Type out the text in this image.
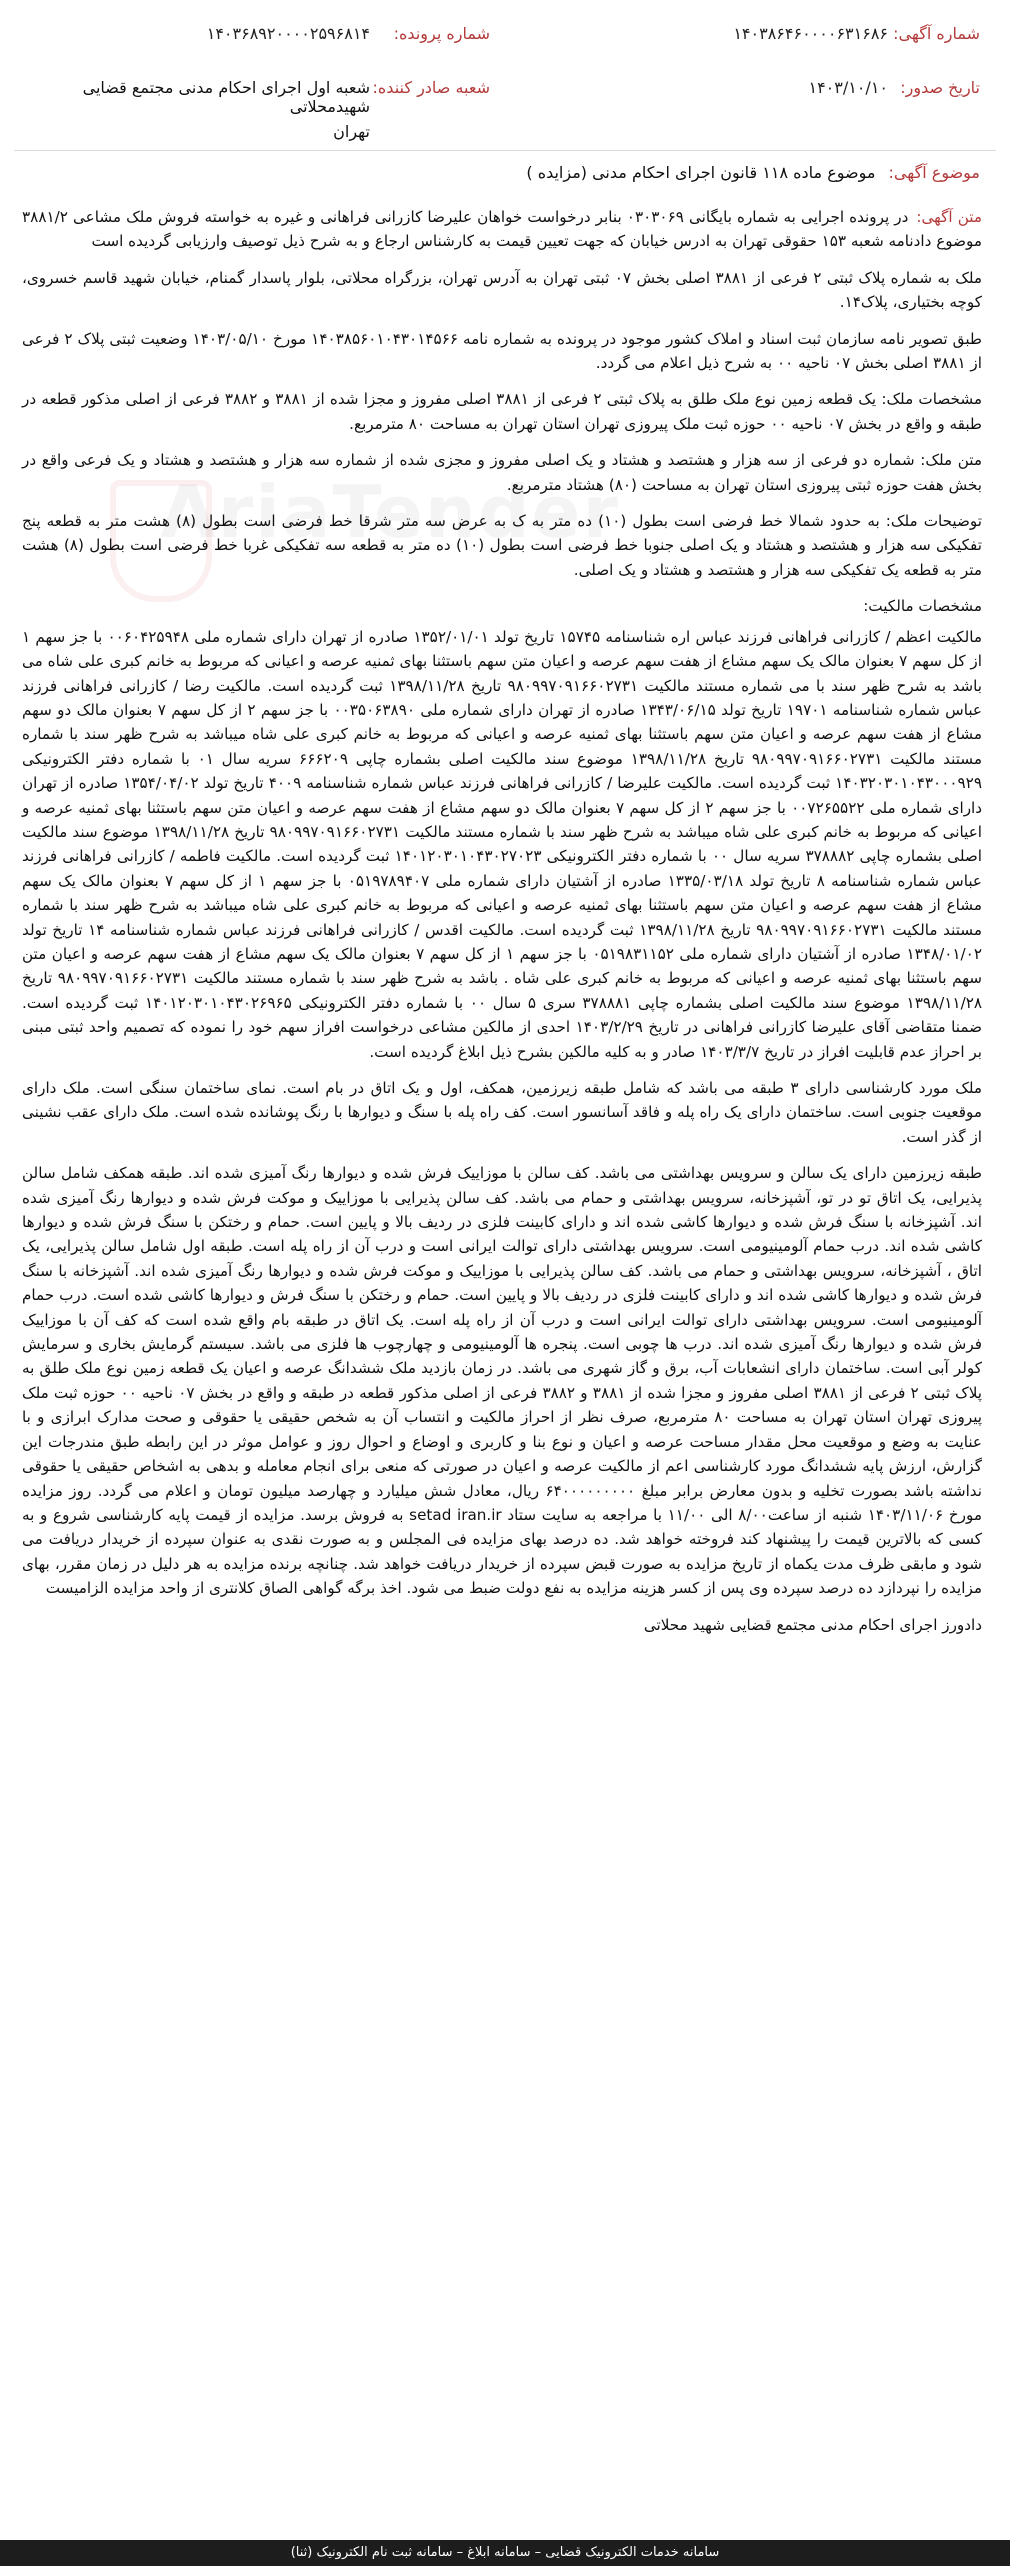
شماره آگهی:
۱۴۰۳۸۶۴۶۰۰۰۰۶۳۱۶۸۶
شماره پرونده:
۱۴۰۳۶۸۹۲۰۰۰۰۲۵۹۶۸۱۴
تاریخ صدور:
۱۴۰۳/۱۰/۱۰
شعبه صادر کننده:
شعبه اول اجرای احکام مدنی مجتمع قضایی شهیدمحلاتی
تهران
موضوع آگهی: موضوع ماده ۱۱۸ قانون اجرای احکام مدنی (مزایده )

متن آگهی:در پرونده اجرایی به شماره بایگانی ۰۳۰۳۰۶۹ بنابر درخواست خواهان علیرضا کازرانی فراهانی و غیره به خواسته فروش ملک مشاعی ۳۸۸۱/۲ موضوع دادنامه شعبه ۱۵۳ حقوقی تهران به ادرس خیابان که جهت تعیین قیمت به کارشناس ارجاع و به شرح ذیل توصیف وارزیابی گردیده است

ملک به شماره پلاک ثبتی ۲ فرعی از ۳۸۸۱ اصلی بخش ۰۷ ثبتی تهران به آدرس تهران، بزرگراه محلاتی، بلوار پاسدار گمنام، خیابان شهید قاسم خسروی، کوچه بختیاری، پلاک۱۴.

طبق تصویر نامه سازمان ثبت اسناد و املاک کشور موجود در پرونده به شماره نامه ۱۴۰۳۸۵۶۰۱۰۴۳۰۱۴۵۶۶ مورخ ۱۴۰۳/۰۵/۱۰ وضعیت ثبتی پلاک ۲ فرعی از ۳۸۸۱ اصلی بخش ۰۷ ناحیه ۰۰ به شرح ذیل اعلام می گردد.

مشخصات ملک: یک قطعه زمین نوع ملک طلق به پلاک ثبتی ۲ فرعی از ۳۸۸۱ اصلی مفروز و مجزا شده از ۳۸۸۱ و ۳۸۸۲ فرعی از اصلی مذکور قطعه در طبقه و واقع در بخش ۰۷ ناحیه ۰۰ حوزه ثبت ملک پیروزی تهران استان تهران به مساحت ۸۰ مترمربع.

متن ملک: شماره دو فرعی از سه هزار و هشتصد و هشتاد و یک اصلی مفروز و مجزی شده از شماره سه هزار و هشتصد و هشتاد و یک فرعی واقع در بخش هفت حوزه ثبتی پیروزی استان تهران به مساحت (۸۰) هشتاد مترمربع.

توضیحات ملک: به حدود شمالا خط فرضی است بطول (۱۰) ده متر به ک به عرض سه متر شرقا خط فرضی است بطول (۸) هشت متر به قطعه پنج تفکیکی سه هزار و هشتصد و هشتاد و یک اصلی جنوبا خط فرضی است بطول (۱۰) ده متر به قطعه سه تفکیکی غربا خط فرضی است بطول (۸) هشت متر به قطعه یک تفکیکی سه هزار و هشتصد و هشتاد و یک اصلی.

مشخصات مالکیت:

مالکیت اعظم / کازرانی فراهانی فرزند عباس اره شناسنامه ۱۵۷۴۵ تاریخ تولد ۱۳۵۲/۰۱/۰۱ صادره از تهران دارای شماره ملی ۰۰۶۰۴۲۵۹۴۸ با جز سهم ۱ از کل سهم ۷ بعنوان مالک یک سهم مشاع از هفت سهم عرصه و اعیان متن سهم باستثنا بهای ثمنیه عرصه و اعیانی که مربوط به خانم کبری علی شاه می باشد به شرح ظهر سند با می شماره مستند مالکیت ۹۸۰۹۹۷۰۹۱۶۶۰۲۷۳۱ تاریخ ۱۳۹۸/۱۱/۲۸ ثبت گردیده است. مالکیت رضا / کازرانی فراهانی فرزند عباس شماره شناسنامه ۱۹۷۰۱ تاریخ تولد ۱۳۴۳/۰۶/۱۵ صادره از تهران دارای شماره ملی ۰۰۳۵۰۶۳۸۹۰ با جز سهم ۲ از کل سهم ۷ بعنوان مالک دو سهم مشاع از هفت سهم عرصه و اعیان متن سهم باستثنا بهای ثمنیه عرصه و اعیانی که مربوط به خانم کبری علی شاه میباشد به شرح ظهر سند با شماره مستند مالکیت ۹۸۰۹۹۷۰۹۱۶۶۰۲۷۳۱ تاریخ ۱۳۹۸/۱۱/۲۸ موضوع سند مالکیت اصلی بشماره چاپی ۶۶۶۲۰۹ سریه سال ۰۱ با شماره دفتر الکترونیکی ۱۴۰۳۲۰۳۰۱۰۴۳۰۰۰۹۲۹ ثبت گردیده است. مالکیت علیرضا / کازرانی فراهانی فرزند عباس شماره شناسنامه ۴۰۰۹ تاریخ تولد ۱۳۵۴/۰۴/۰۲ صادره از تهران دارای شماره ملی ۰۰۷۲۶۵۵۲۲ با جز سهم ۲ از کل سهم ۷ بعنوان مالک دو سهم مشاع از هفت سهم عرصه و اعیان متن سهم باستثنا بهای ثمنیه عرصه و اعیانی که مربوط به خانم کبری علی شاه میباشد به شرح ظهر سند با شماره مستند مالکیت ۹۸۰۹۹۷۰۹۱۶۶۰۲۷۳۱ تاریخ ۱۳۹۸/۱۱/۲۸ موضوع سند مالکیت اصلی بشماره چاپی ۳۷۸۸۸۲ سریه سال ۰۰ با شماره دفتر الکترونیکی ۱۴۰۱۲۰۳۰۱۰۴۳۰۲۷۰۲۳ ثبت گردیده است. مالکیت فاطمه / کازرانی فراهانی فرزند عباس شماره شناسنامه ۸ تاریخ تولد ۱۳۳۵/۰۳/۱۸ صادره از آشتیان دارای شماره ملی ۰۵۱۹۷۸۹۴۰۷ با جز سهم ۱ از کل سهم ۷ بعنوان مالک یک سهم مشاع از هفت سهم عرصه و اعیان متن سهم باستثنا بهای ثمنیه عرصه و اعیانی که مربوط به خانم کبری علی شاه میباشد به شرح ظهر سند با شماره مستند مالکیت ۹۸۰۹۹۷۰۹۱۶۶۰۲۷۳۱ تاریخ ۱۳۹۸/۱۱/۲۸ ثبت گردیده است. مالکیت اقدس / کازرانی فراهانی فرزند عباس شماره شناسنامه ۱۴ تاریخ تولد ۱۳۴۸/۰۱/۰۲ صادره از آشتیان دارای شماره ملی ۰۵۱۹۸۳۱۱۵۲ با جز سهم ۱ از کل سهم ۷ بعنوان مالک یک سهم مشاع از هفت سهم عرصه و اعیان متن سهم باستثنا بهای ثمنیه عرصه و اعیانی که مربوط به خانم کبری علی شاه . باشد به شرح ظهر سند با شماره مستند مالکیت ۹۸۰۹۹۷۰۹۱۶۶۰۲۷۳۱ تاریخ ۱۳۹۸/۱۱/۲۸ موضوع سند مالکیت اصلی بشماره چاپی ۳۷۸۸۸۱ سری ۵ سال ۰۰ با شماره دفتر الکترونیکی ۱۴۰۱۲۰۳۰۱۰۴۳۰۲۶۹۶۵ ثبت گردیده است. ضمنا متقاضی آقای علیرضا کازرانی فراهانی در تاریخ ۱۴۰۳/۲/۲۹ احدی از مالکین مشاعی درخواست افراز سهم خود را نموده که تصمیم واحد ثبتی مبنی بر احراز عدم قابلیت افراز در تاریخ ۱۴۰۳/۳/۷ صادر و به کلیه مالکین بشرح ذیل ابلاغ گردیده است.

ملک مورد کارشناسی دارای ۳ طبقه می باشد که شامل طبقه زیرزمین، همکف، اول و یک اتاق در بام است. نمای ساختمان سنگی است. ملک دارای موقعیت جنوبی است. ساختمان دارای یک راه پله و فاقد آسانسور است. کف راه پله با سنگ و دیوارها با رنگ پوشانده شده است. ملک دارای عقب نشینی از گذر است.

طبقه زیرزمین دارای یک سالن و سرویس بهداشتی می باشد. کف سالن با موزاییک فرش شده و دیوارها رنگ آمیزی شده اند. طبقه همکف شامل سالن پذیرایی، یک اتاق تو در تو، آشپزخانه، سرویس بهداشتی و حمام می باشد. کف سالن پذیرایی با موزاییک و موکت فرش شده و دیوارها رنگ آمیزی شده اند. آشپزخانه با سنگ فرش شده و دیوارها کاشی شده اند و دارای کابینت فلزی در ردیف بالا و پایین است. حمام و رختکن با سنگ فرش شده و دیوارها کاشی شده اند. درب حمام آلومینیومی است. سرویس بهداشتی دارای توالت ایرانی است و درب آن از راه پله است. طبقه اول شامل سالن پذیرایی، یک اتاق ، آشپزخانه، سرویس بهداشتی و حمام می باشد. کف سالن پذیرایی با موزاییک و موکت فرش شده و دیوارها رنگ آمیزی شده اند. آشپزخانه با سنگ فرش شده و دیوارها کاشی شده اند و دارای کابینت فلزی در ردیف بالا و پایین است. حمام و رختکن با سنگ فرش و دیوارها کاشی شده است. درب حمام آلومینیومی است. سرویس بهداشتی دارای توالت ایرانی است و درب آن از راه پله است. یک اتاق در طبقه بام واقع شده است که کف آن با موزاییک فرش شده و دیوارها رنگ آمیزی شده اند. درب ها چوبی است. پنجره ها آلومینیومی و چهارچوب ها فلزی می باشد. سیستم گرمایش بخاری و سرمایش کولر آبی است. ساختمان دارای انشعابات آب، برق و گاز شهری می باشد. در زمان بازدید ملک ششدانگ عرصه و اعیان یک قطعه زمین نوع ملک طلق به پلاک ثبتی ۲ فرعی از ۳۸۸۱ اصلی مفروز و مجزا شده از ۳۸۸۱ و ۳۸۸۲ فرعی از اصلی مذکور قطعه در طبقه و واقع در بخش ۰۷ ناحیه ۰۰ حوزه ثبت ملک پیروزی تهران استان تهران به مساحت ۸۰ مترمربع، صرف نظر از احراز مالکیت و انتساب آن به شخص حقیقی یا حقوقی و صحت مدارک ابرازی و با عنایت به وضع و موقعیت محل مقدار مساحت عرصه و اعیان و نوع بنا و کاربری و اوضاع و احوال روز و عوامل موثر در این رابطه طبق مندرجات این گزارش، ارزش پایه ششدانگ مورد کارشناسی اعم از مالکیت عرصه و اعیان در صورتی که منعی برای انجام معامله و بدهی به اشخاص حقیقی یا حقوقی نداشته باشد بصورت تخلیه و بدون معارض برابر مبلغ ۶۴۰۰۰۰۰۰۰۰۰ ریال، معادل شش میلیارد و چهارصد میلیون تومان و اعلام می گردد. روز مزایده مورخ ۱۴۰۳/۱۱/۰۶ شنبه از ساعت۸/۰۰ الی ۱۱/۰۰ با مراجعه به سایت ستاد setad iran.ir به فروش برسد. مزایده از قیمت پایه کارشناسی شروع و به کسی که بالاترین قیمت را پیشنهاد کند فروخته خواهد شد. ده درصد بهای مزایده فی المجلس و به صورت نقدی به عنوان سپرده از خریدار دریافت می شود و مابقی ظرف مدت یکماه از تاریخ مزایده به صورت قبض سپرده از خریدار دریافت خواهد شد. چنانچه برنده مزایده به هر دلیل در زمان مقرر، بهای مزایده را نپردازد ده درصد سپرده وی پس از کسر هزینه مزایده به نفع دولت ضبط می شود. اخذ برگه گواهی الصاق کلانتری از واحد مزایده الزامیست

دادورز اجرای احکام مدنی مجتمع قضایی شهید محلاتی

سامانه خدمات الکترونیک قضایی – سامانه ابلاغ – سامانه ثبت نام الکترونیک (ثنا)
